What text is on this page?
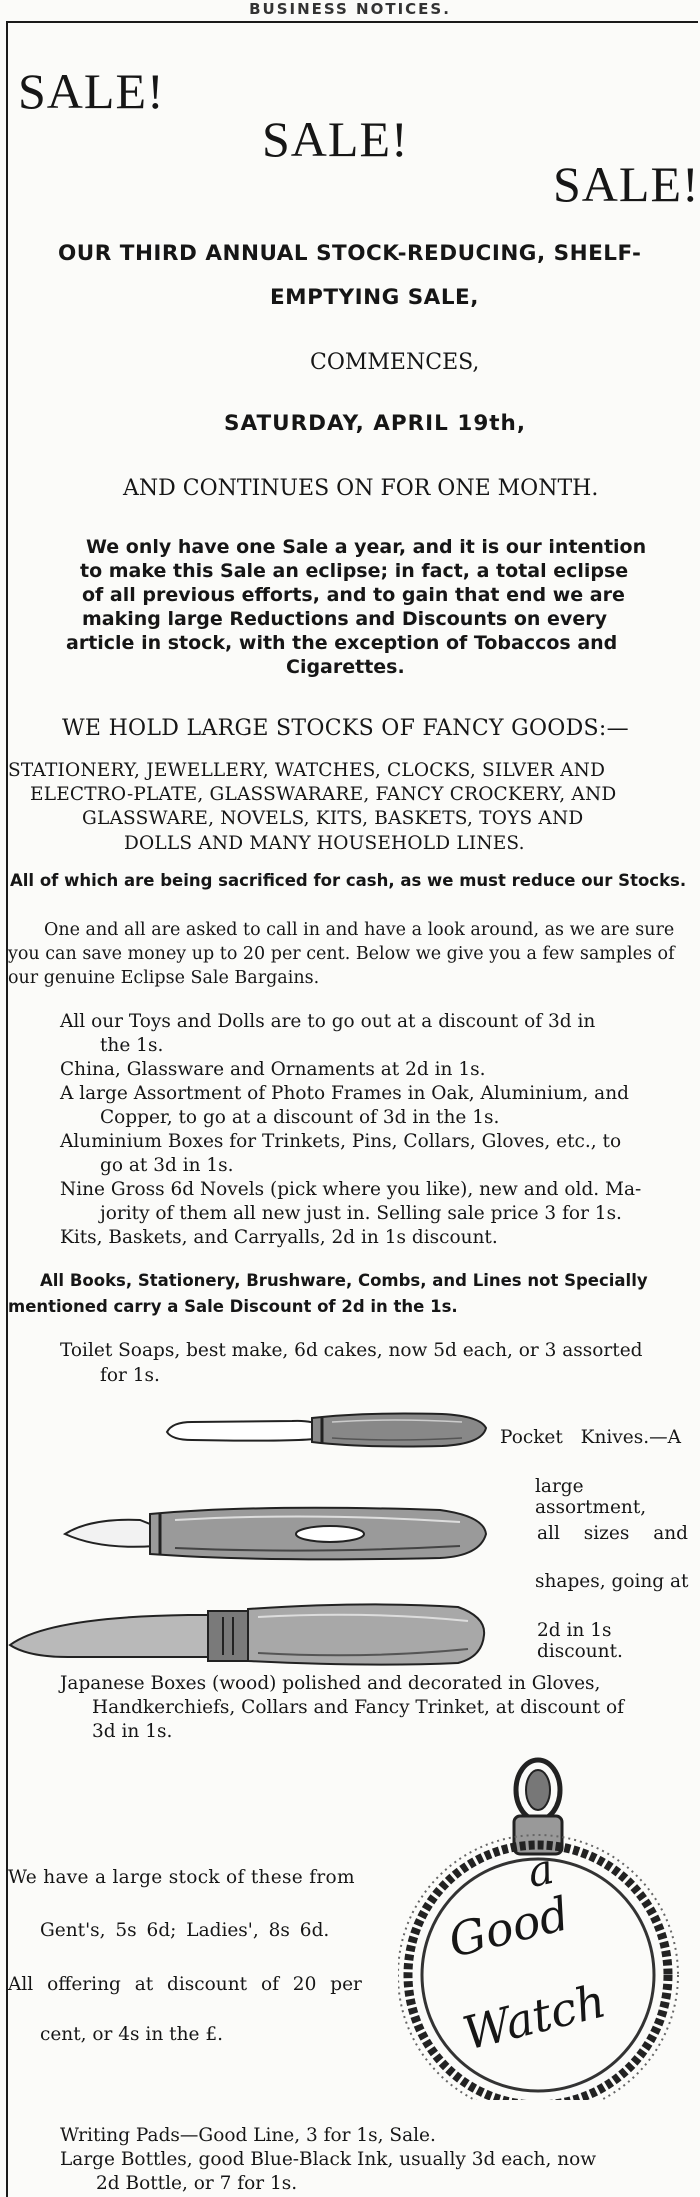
BUSINESS NOTICES.
SALE!
SALE!
SALE!
OUR THIRD ANNUAL STOCK-REDUCING, SHELF-
EMPTYING SALE,
COMMENCES,
SATURDAY, APRIL 19th,
AND CONTINUES ON FOR ONE MONTH.
We only have one Sale a year, and it is our intention
to make this Sale an eclipse; in fact, a total eclipse
of all previous efforts, and to gain that end we are
making large Reductions and Discounts on every
article in stock, with the exception of Tobaccos and
Cigarettes.
WE HOLD LARGE STOCKS OF FANCY GOODS:—
STATIONERY, JEWELLERY, WATCHES, CLOCKS, SILVER AND
ELECTRO-PLATE, GLASSWARARE, FANCY CROCKERY, AND
GLASSWARE, NOVELS, KITS, BASKETS, TOYS AND
DOLLS AND MANY HOUSEHOLD LINES.
All of which are being sacrificed for cash, as we must reduce our Stocks.
One and all are asked to call in and have a look around, as we are sure
you can save money up to 20 per cent. Below we give you a few samples of
our genuine Eclipse Sale Bargains.
All our Toys and Dolls are to go out at a discount of 3d in
the 1s.
China, Glassware and Ornaments at 2d in 1s.
A large Assortment of Photo Frames in Oak, Aluminium, and
Copper, to go at a discount of 3d in the 1s.
Aluminium Boxes for Trinkets, Pins, Collars, Gloves, etc., to
go at 3d in 1s.
Nine Gross 6d Novels (pick where you like), new and old. Ma-
jority of them all new just in. Selling sale price 3 for 1s.
Kits, Baskets, and Carryalls, 2d in 1s discount.
All Books, Stationery, Brushware, Combs, and Lines not Specially
mentioned carry a Sale Discount of 2d in the 1s.
Toilet Soaps, best make, 6d cakes, now 5d each, or 3 assorted
for 1s.
Pocket Knives.—A
large assortment,
all sizes and
shapes, going at
2d in 1s discount.
Japanese Boxes (wood) polished and decorated in Gloves,
Handkerchiefs, Collars and Fancy Trinket, at discount of
3d in 1s.
a
Good
Watch
We have a large stock of these from
Gent's, 5s 6d; Ladies', 8s 6d.
All offering at discount of 20 per
cent, or 4s in the £.
Writing Pads—Good Line, 3 for 1s, Sale.
Large Bottles, good Blue-Black Ink, usually 3d each, now
2d Bottle, or 7 for 1s.
